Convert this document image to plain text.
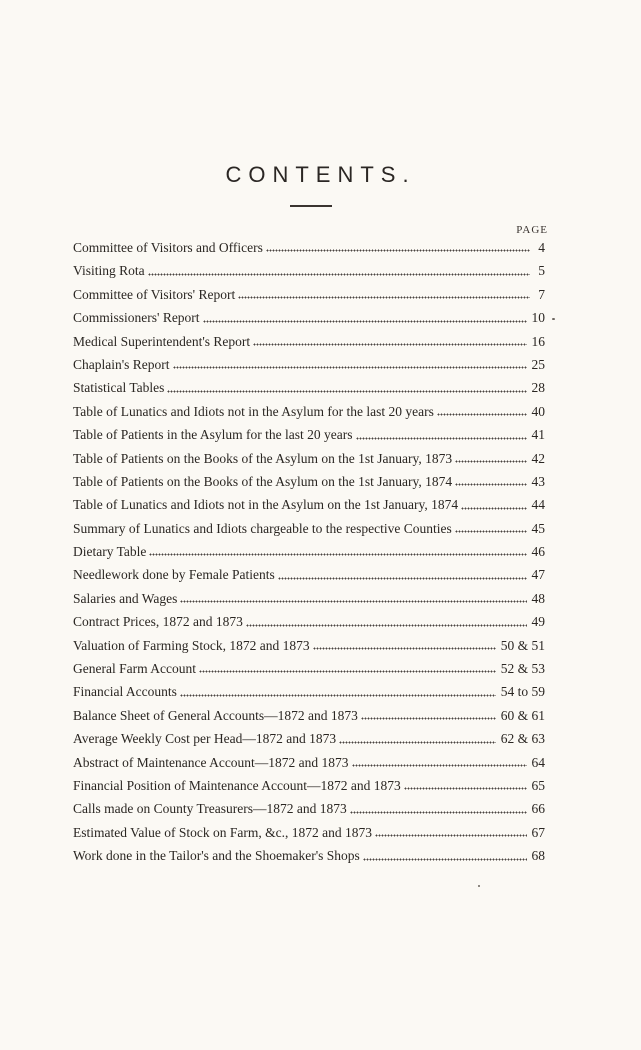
CONTENTS.
PAGE
Committee of Visitors and Officers	4
Visiting Rota	5
Committee of Visitors' Report	7
Commissioners' Report	10
Medical Superintendent's Report	16
Chaplain's Report	25
Statistical Tables	28
Table of Lunatics and Idiots not in the Asylum for the last 20 years	40
Table of Patients in the Asylum for the last 20 years	41
Table of Patients on the Books of the Asylum on the 1st January, 1873	42
Table of Patients on the Books of the Asylum on the 1st January, 1874	43
Table of Lunatics and Idiots not in the Asylum on the 1st January, 1874	44
Summary of Lunatics and Idiots chargeable to the respective Counties	45
Dietary Table	46
Needlework done by Female Patients	47
Salaries and Wages	48
Contract Prices, 1872 and 1873	49
Valuation of Farming Stock, 1872 and 1873	50 & 51
General Farm Account	52 & 53
Financial Accounts	54 to 59
Balance Sheet of General Accounts—1872 and 1873	60 & 61
Average Weekly Cost per Head—1872 and 1873	62 & 63
Abstract of Maintenance Account—1872 and 1873	64
Financial Position of Maintenance Account—1872 and 1873	65
Calls made on County Treasurers—1872 and 1873	66
Estimated Value of Stock on Farm, &c., 1872 and 1873	67
Work done in the Tailor's and the Shoemaker's Shops	68
